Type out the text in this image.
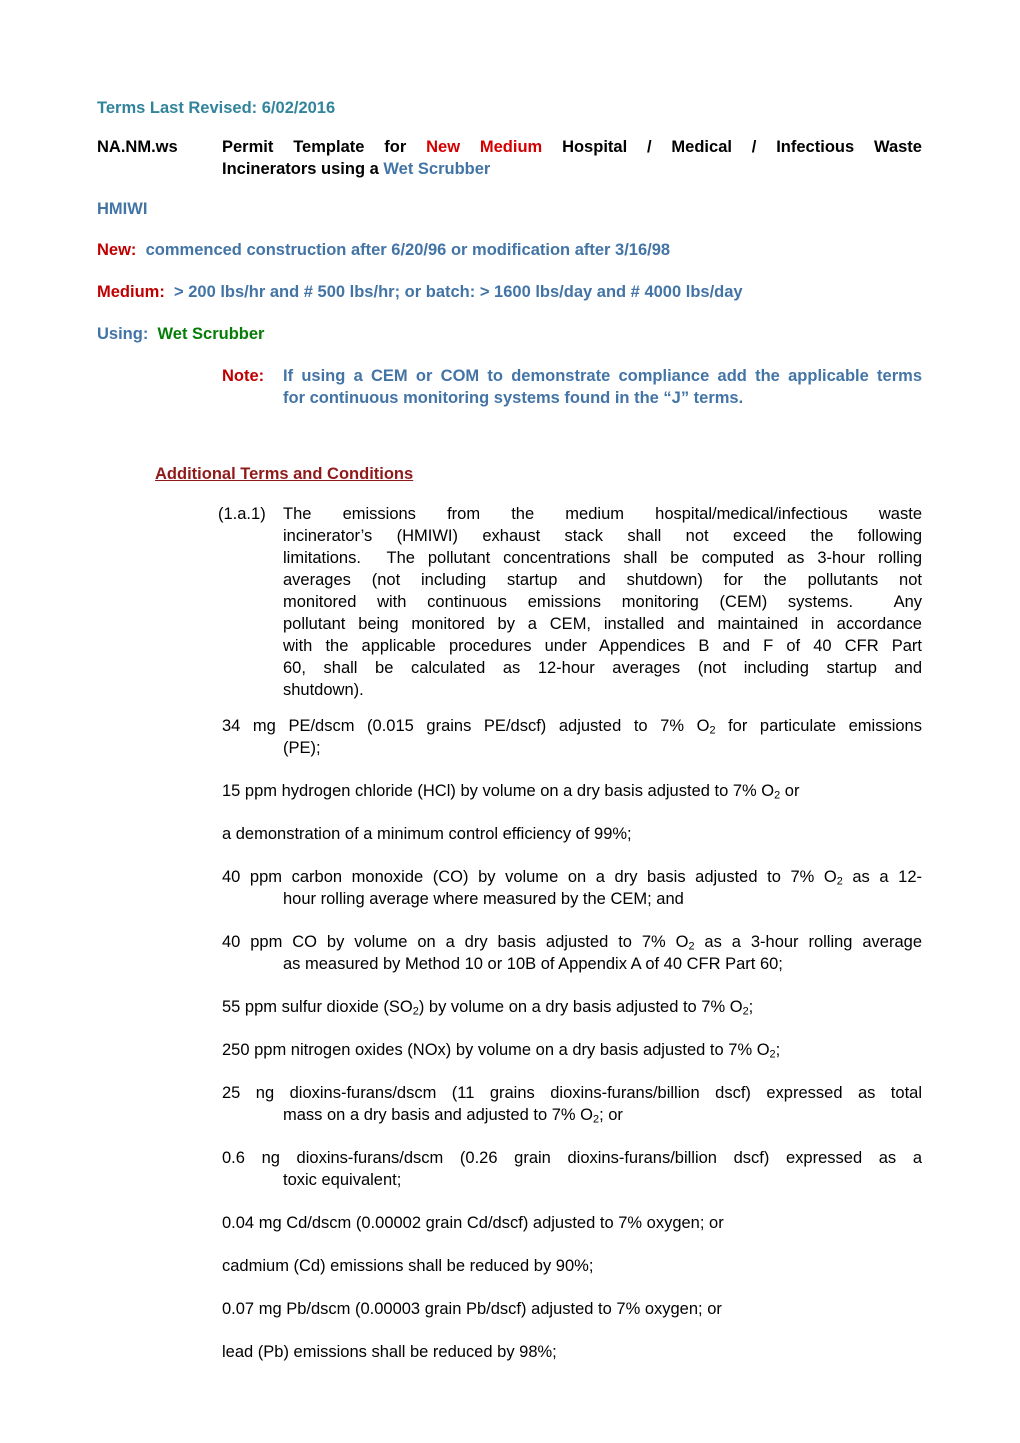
Terms Last Revised: 6/02/2016
NA.NM.ws	Permit Template for New Medium Hospital / Medical / Infectious Waste
Incinerators using a Wet Scrubber
HMIWI
New:  commenced construction after 6/20/96 or modification after 3/16/98
Medium:  > 200 lbs/hr and # 500 lbs/hr; or batch: > 1600 lbs/day and # 4000 lbs/day
Using:  Wet Scrubber
Note: If using a CEM or COM to demonstrate compliance add the applicable terms
for continuous monitoring systems found in the “J” terms.
Additional Terms and Conditions
(1.a.1) The emissions from the medium hospital/medical/infectious waste
incinerator’s (HMIWI) exhaust stack shall not exceed the following
limitations.  The pollutant concentrations shall be computed as 3-hour rolling
averages (not including startup and shutdown) for the pollutants not
monitored with continuous emissions monitoring (CEM) systems.  Any
pollutant being monitored by a CEM, installed and maintained in accordance
with the applicable procedures under Appendices B and F of 40 CFR Part
60, shall be calculated as 12-hour averages (not including startup and
shutdown).
34 mg PE/dscm (0.015 grains PE/dscf) adjusted to 7% $O_2$ for particulate emissions
(PE);
15 ppm hydrogen chloride (HCl) by volume on a dry basis adjusted to 7% $O_2$ or
a demonstration of a minimum control efficiency of 99%;
40 ppm carbon monoxide (CO) by volume on a dry basis adjusted to 7% $O_2$ as a 12-
hour rolling average where measured by the CEM; and
40 ppm CO by volume on a dry basis adjusted to 7% $O_2$ as a 3-hour rolling average
as measured by Method 10 or 10B of Appendix A of 40 CFR Part 60;
55 ppm sulfur dioxide $(SO_2)$ by volume on a dry basis adjusted to 7% $O_2$;
250 ppm nitrogen oxides (NOx) by volume on a dry basis adjusted to 7% $O_2$;
25 ng dioxins-furans/dscm (11 grains dioxins-furans/billion dscf) expressed as total
mass on a dry basis and adjusted to 7% $O_2$; or
0.6 ng dioxins-furans/dscm (0.26 grain dioxins-furans/billion dscf) expressed as a
toxic equivalent;
0.04 mg Cd/dscm (0.00002 grain Cd/dscf) adjusted to 7% oxygen; or
cadmium (Cd) emissions shall be reduced by 90%;
0.07 mg Pb/dscm (0.00003 grain Pb/dscf) adjusted to 7% oxygen; or
lead (Pb) emissions shall be reduced by 98%;
